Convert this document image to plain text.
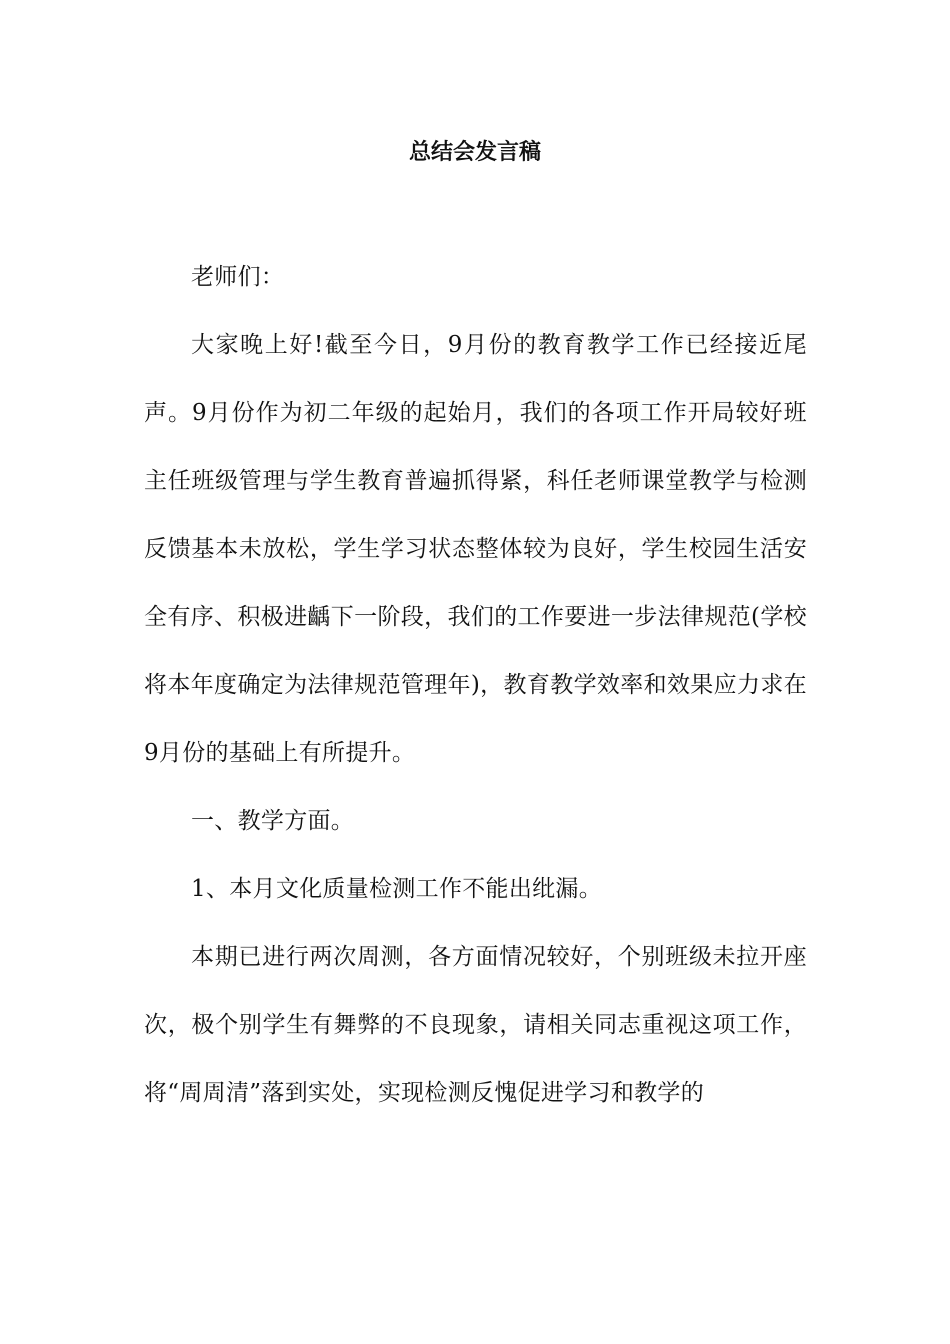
总结会发言稿

老师们：

大家晚上好!截至今日，9月份的教育教学工作已经接近尾声。9月份作为初二年级的起始月，我们的各项工作开局较好班主任班级管理与学生教育普遍抓得紧，科任老师课堂教学与检测反馈基本未放松，学生学习状态整体较为良好，学生校园生活安全有序、积极进齲下一阶段，我们的工作要进一步法律规范(学校将本年度确定为法律规范管理年)，教育教学效率和效果应力求在9月份的基础上有所提升。

一、教学方面。

1、本月文化质量检测工作不能出纰漏。

本期已进行两次周测，各方面情况较好，个别班级未拉开座次，极个别学生有舞弊的不良现象，请相关同志重视这项工作，将“周周清”落到实处，实现检测反愧促进学习和教学的
